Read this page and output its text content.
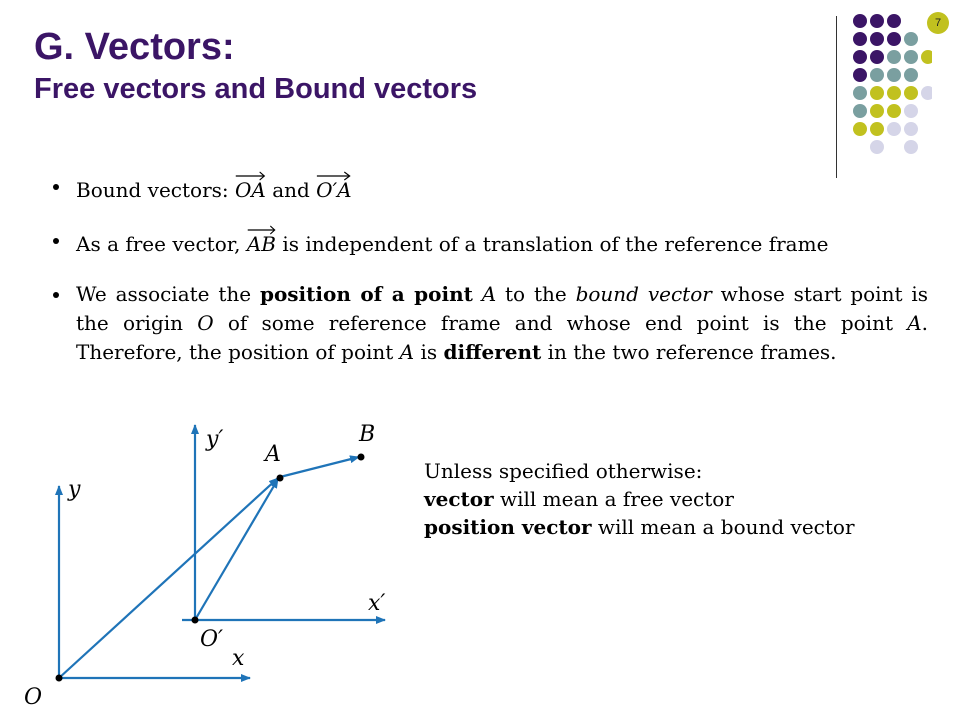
G. Vectors:
Free vectors and Bound vectors
7
Bound vectors: OA and O′A
As a free vector, AB is independent of a translation of the reference frame
We associate the position of a point A to the bound vector whose start point is the origin O of some reference frame and whose end point is the point A. Therefore, the position of point A is different in the two reference frames.
y
x
O
y′
x′
O′
A
B
Unless specified otherwise:
vector will mean a free vector
position vector will mean a bound vector
